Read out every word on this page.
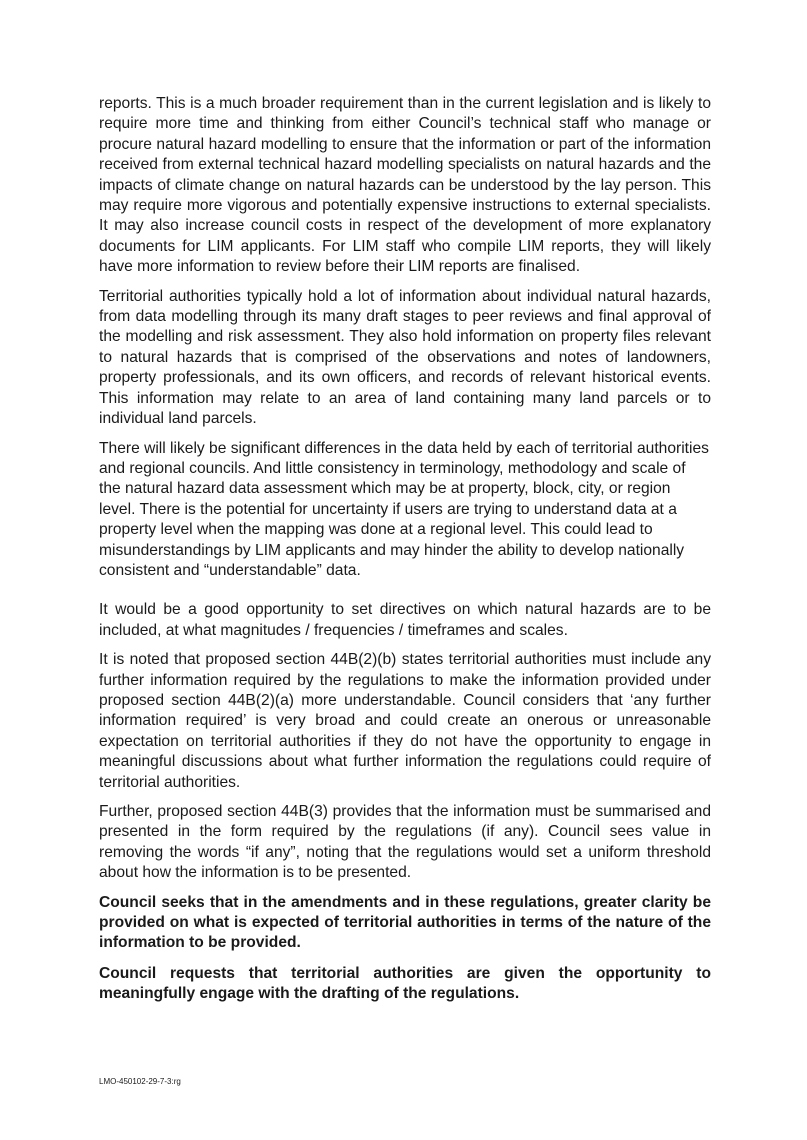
reports. This is a much broader requirement than in the current legislation and is likely to require more time and thinking from either Council’s technical staff who manage or procure natural hazard modelling to ensure that the information or part of the information received from external technical hazard modelling specialists on natural hazards and the impacts of climate change on natural hazards can be understood by the lay person. This may require more vigorous and potentially expensive instructions to external specialists. It may also increase council costs in respect of the development of more explanatory documents for LIM applicants. For LIM staff who compile LIM reports, they will likely have more information to review before their LIM reports are finalised.

Territorial authorities typically hold a lot of information about individual natural hazards, from data modelling through its many draft stages to peer reviews and final approval of the modelling and risk assessment. They also hold information on property files relevant to natural hazards that is comprised of the observations and notes of landowners, property professionals, and its own officers, and records of relevant historical events. This information may relate to an area of land containing many land parcels or to individual land parcels.

There will likely be significant differences in the data held by each of territorial authorities and regional councils. And little consistency in terminology, methodology and scale of the natural hazard data assessment which may be at property, block, city, or region level. There is the potential for uncertainty if users are trying to understand data at a property level when the mapping was done at a regional level. This could lead to misunderstandings by LIM applicants and may hinder the ability to develop nationally consistent and “understandable” data.

It would be a good opportunity to set directives on which natural hazards are to be included, at what magnitudes / frequencies / timeframes and scales.

It is noted that proposed section 44B(2)(b) states territorial authorities must include any further information required by the regulations to make the information provided under proposed section 44B(2)(a) more understandable. Council considers that ‘any further information required’ is very broad and could create an onerous or unreasonable expectation on territorial authorities if they do not have the opportunity to engage in meaningful discussions about what further information the regulations could require of territorial authorities.

Further, proposed section 44B(3) provides that the information must be summarised and presented in the form required by the regulations (if any). Council sees value in removing the words “if any”, noting that the regulations would set a uniform threshold about how the information is to be presented.

Council seeks that in the amendments and in these regulations, greater clarity be provided on what is expected of territorial authorities in terms of the nature of the information to be provided.

Council requests that territorial authorities are given the opportunity to meaningfully engage with the drafting of the regulations.

LMO-450102-29-7-3:rg
